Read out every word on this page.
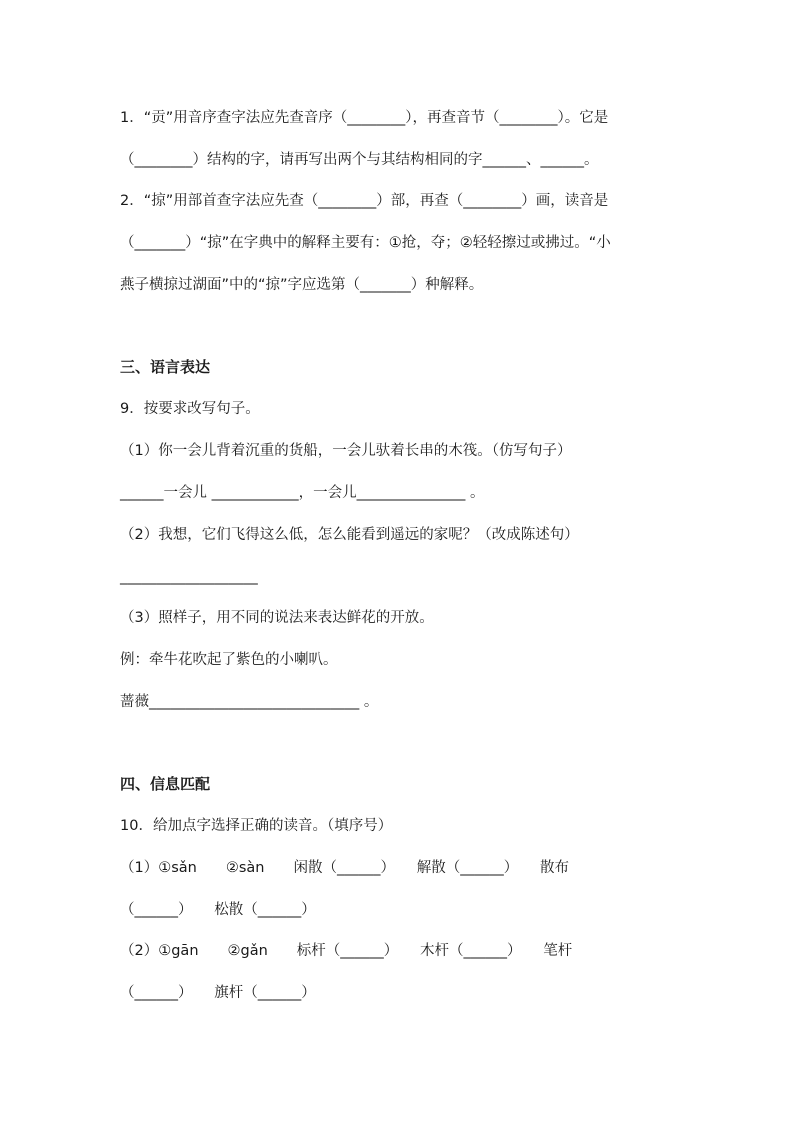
1．“贡”用音序查字法应先查音序（________），再查音节（________）。它是
（________）结构的字，请再写出两个与其结构相同的字______、______。
2．“掠”用部首查字法应先查（________）部，再查（________）画，读音是
（_______）“掠”在字典中的解释主要有：①抢，夺；②轻轻擦过或拂过。“小
燕子横掠过湖面”中的“掠”字应选第（_______）种解释。
三、语言表达
9．按要求改写句子。
（1）你一会儿背着沉重的货船，一会儿驮着长串的木筏。（仿写句子）
______一会儿 ____________，一会儿_______________ 。
（2）我想，它们飞得这么低，怎么能看到遥远的家呢？（改成陈述句）
___________________
（3）照样子，用不同的说法来表达鲜花的开放。
例：牵牛花吹起了紫色的小喇叭。
蔷薇_____________________________ 。
四、信息匹配
10．给加点字选择正确的读音。（填序号）
（1）①sǎn　　②sàn　　闲散（______）　　解散（______）　　散布
（______）　　松散（______）
（2）①gān　　②gǎn　　标杆（______）　　木杆（______）　　笔杆
（______）　　旗杆（______）
